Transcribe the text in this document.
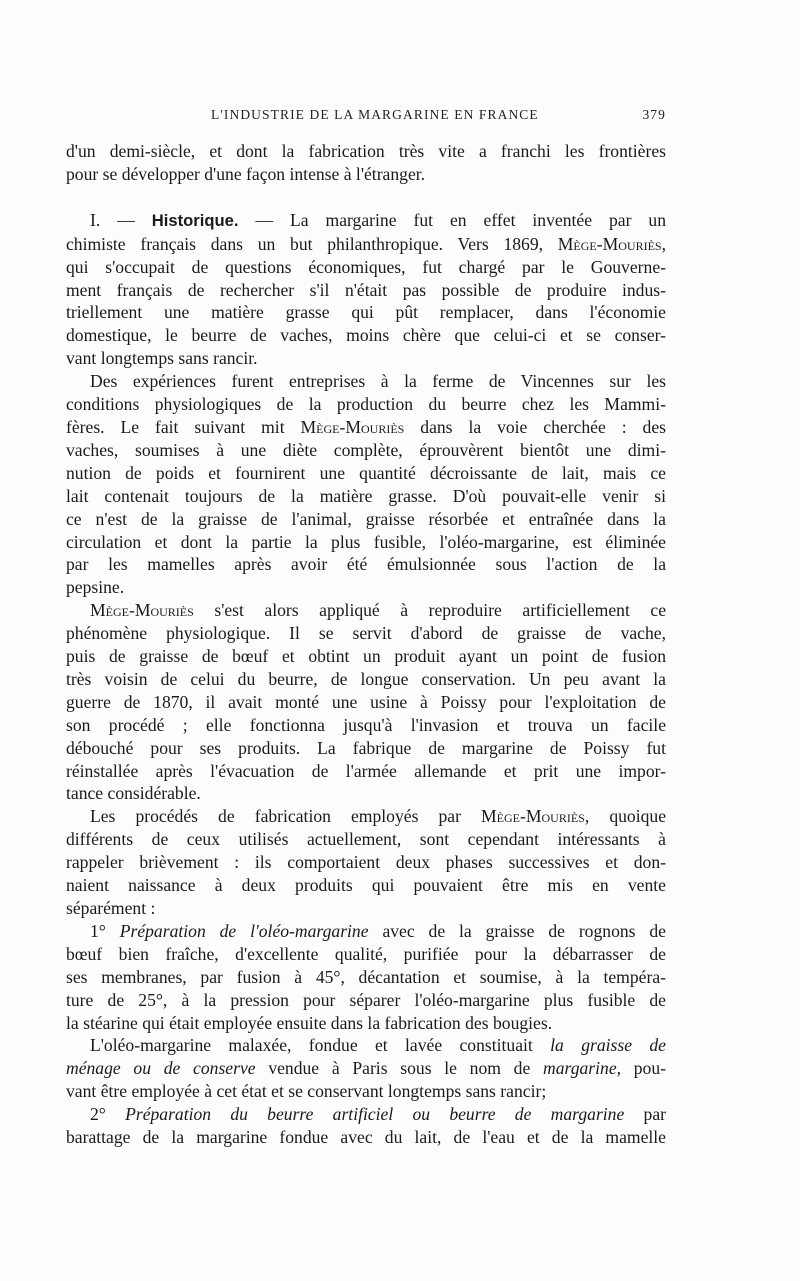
L'INDUSTRIE DE LA MARGARINE EN FRANCE	379
d'un demi-siècle, et dont la fabrication très vite a franchi les frontières
pour se développer d'une façon intense à l'étranger.
I. — Historique. — La margarine fut en effet inventée par un
chimiste français dans un but philanthropique. Vers 1869, Mège-Mouriès,
qui s'occupait de questions économiques, fut chargé par le Gouverne-
ment français de rechercher s'il n'était pas possible de produire indus-
triellement une matière grasse qui pût remplacer, dans l'économie
domestique, le beurre de vaches, moins chère que celui-ci et se conser-
vant longtemps sans rancir.
Des expériences furent entreprises à la ferme de Vincennes sur les
conditions physiologiques de la production du beurre chez les Mammi-
fères. Le fait suivant mit Mège-Mouriès dans la voie cherchée : des
vaches, soumises à une diète complète, éprouvèrent bientôt une dimi-
nution de poids et fournirent une quantité décroissante de lait, mais ce
lait contenait toujours de la matière grasse. D'où pouvait-elle venir si
ce n'est de la graisse de l'animal, graisse résorbée et entraînée dans la
circulation et dont la partie la plus fusible, l'oléo-margarine, est éliminée
par les mamelles après avoir été émulsionnée sous l'action de la
pepsine.
Mège-Mouriès s'est alors appliqué à reproduire artificiellement ce
phénomène physiologique. Il se servit d'abord de graisse de vache,
puis de graisse de bœuf et obtint un produit ayant un point de fusion
très voisin de celui du beurre, de longue conservation. Un peu avant la
guerre de 1870, il avait monté une usine à Poissy pour l'exploitation de
son procédé ; elle fonctionna jusqu'à l'invasion et trouva un facile
débouché pour ses produits. La fabrique de margarine de Poissy fut
réinstallée après l'évacuation de l'armée allemande et prit une impor-
tance considérable.
Les procédés de fabrication employés par Mège-Mouriès, quoique
différents de ceux utilisés actuellement, sont cependant intéressants à
rappeler brièvement : ils comportaient deux phases successives et don-
naient naissance à deux produits qui pouvaient être mis en vente
séparément :
1° Préparation de l'oléo-margarine avec de la graisse de rognons de
bœuf bien fraîche, d'excellente qualité, purifiée pour la débarrasser de
ses membranes, par fusion à 45°, décantation et soumise, à la tempéra-
ture de 25°, à la pression pour séparer l'oléo-margarine plus fusible de
la stéarine qui était employée ensuite dans la fabrication des bougies.
L'oléo-margarine malaxée, fondue et lavée constituait la graisse de
ménage ou de conserve vendue à Paris sous le nom de margarine, pou-
vant être employée à cet état et se conservant longtemps sans rancir;
2° Préparation du beurre artificiel ou beurre de margarine par
barattage de la margarine fondue avec du lait, de l'eau et de la mamelle
